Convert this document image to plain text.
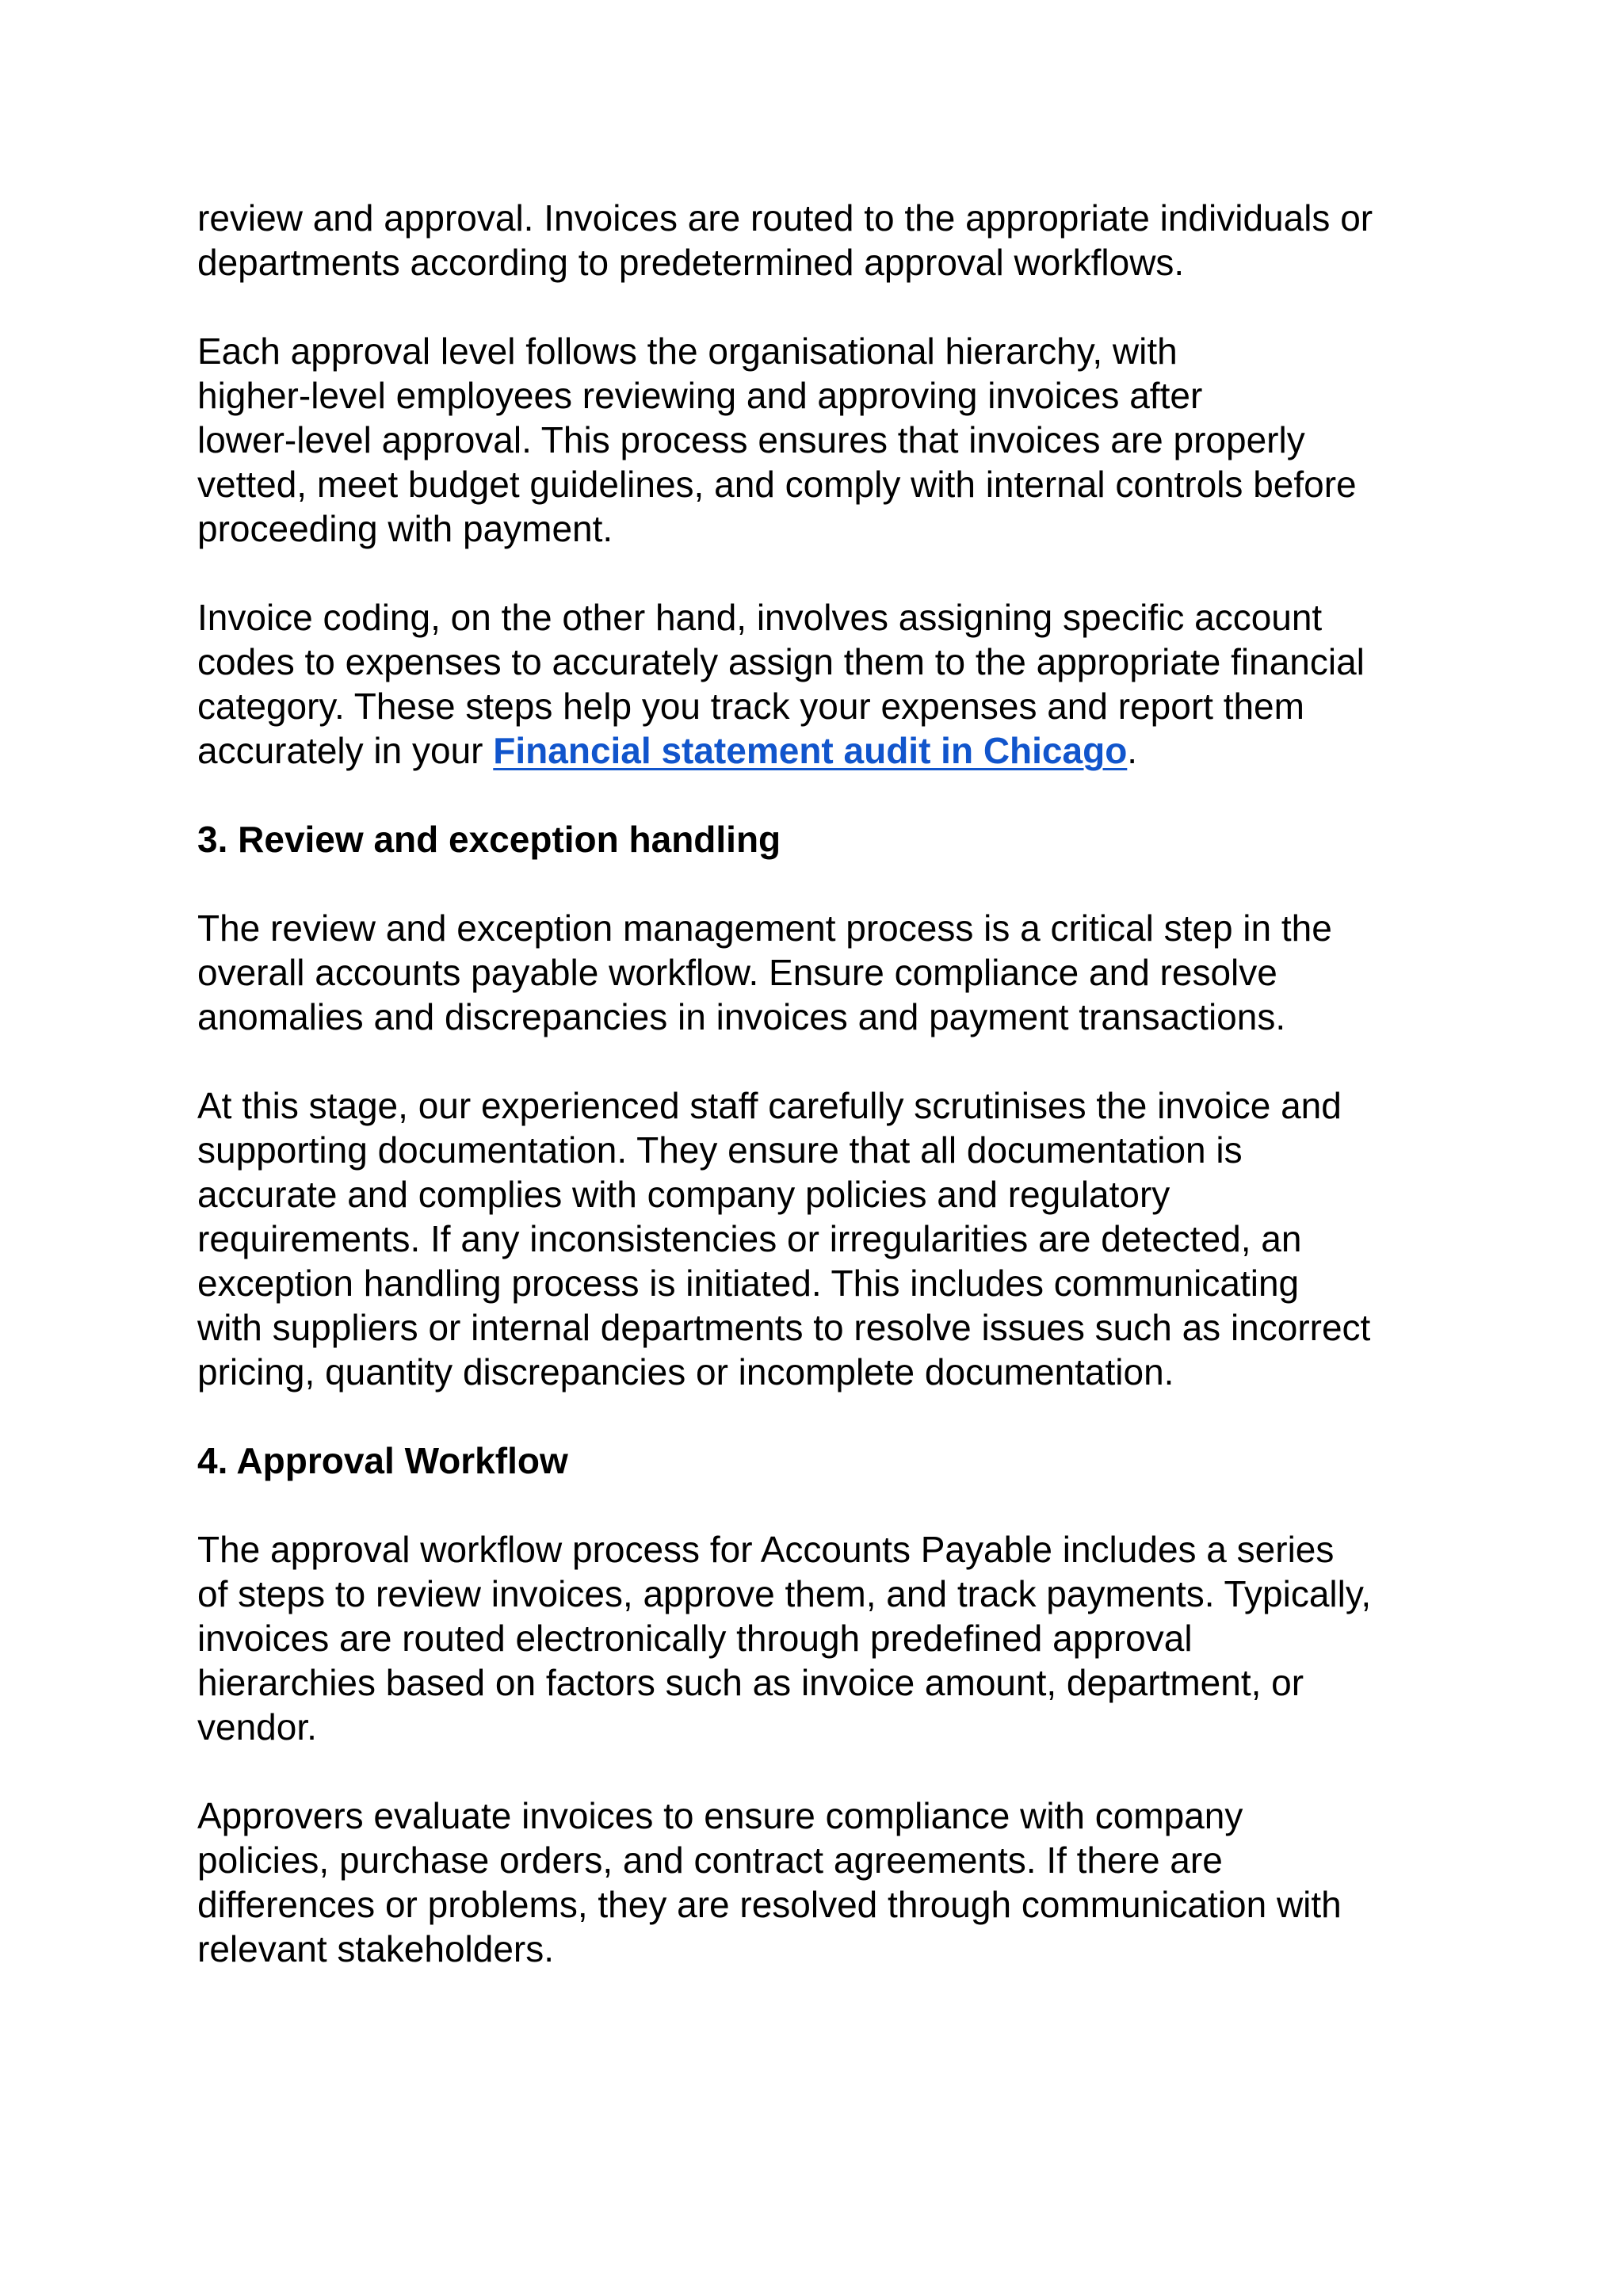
review and approval. Invoices are routed to the appropriate individuals or
departments according to predetermined approval workflows.

Each approval level follows the organisational hierarchy, with
higher-level employees reviewing and approving invoices after
lower-level approval. This process ensures that invoices are properly
vetted, meet budget guidelines, and comply with internal controls before
proceeding with payment.

Invoice coding, on the other hand, involves assigning specific account
codes to expenses to accurately assign them to the appropriate financial
category. These steps help you track your expenses and report them
accurately in your Financial statement audit in Chicago.

3. Review and exception handling

The review and exception management process is a critical step in the
overall accounts payable workflow. Ensure compliance and resolve
anomalies and discrepancies in invoices and payment transactions.

At this stage, our experienced staff carefully scrutinises the invoice and
supporting documentation. They ensure that all documentation is
accurate and complies with company policies and regulatory
requirements. If any inconsistencies or irregularities are detected, an
exception handling process is initiated. This includes communicating
with suppliers or internal departments to resolve issues such as incorrect
pricing, quantity discrepancies or incomplete documentation.

4. Approval Workflow

The approval workflow process for Accounts Payable includes a series
of steps to review invoices, approve them, and track payments. Typically,
invoices are routed electronically through predefined approval
hierarchies based on factors such as invoice amount, department, or
vendor.

Approvers evaluate invoices to ensure compliance with company
policies, purchase orders, and contract agreements. If there are
differences or problems, they are resolved through communication with
relevant stakeholders.
